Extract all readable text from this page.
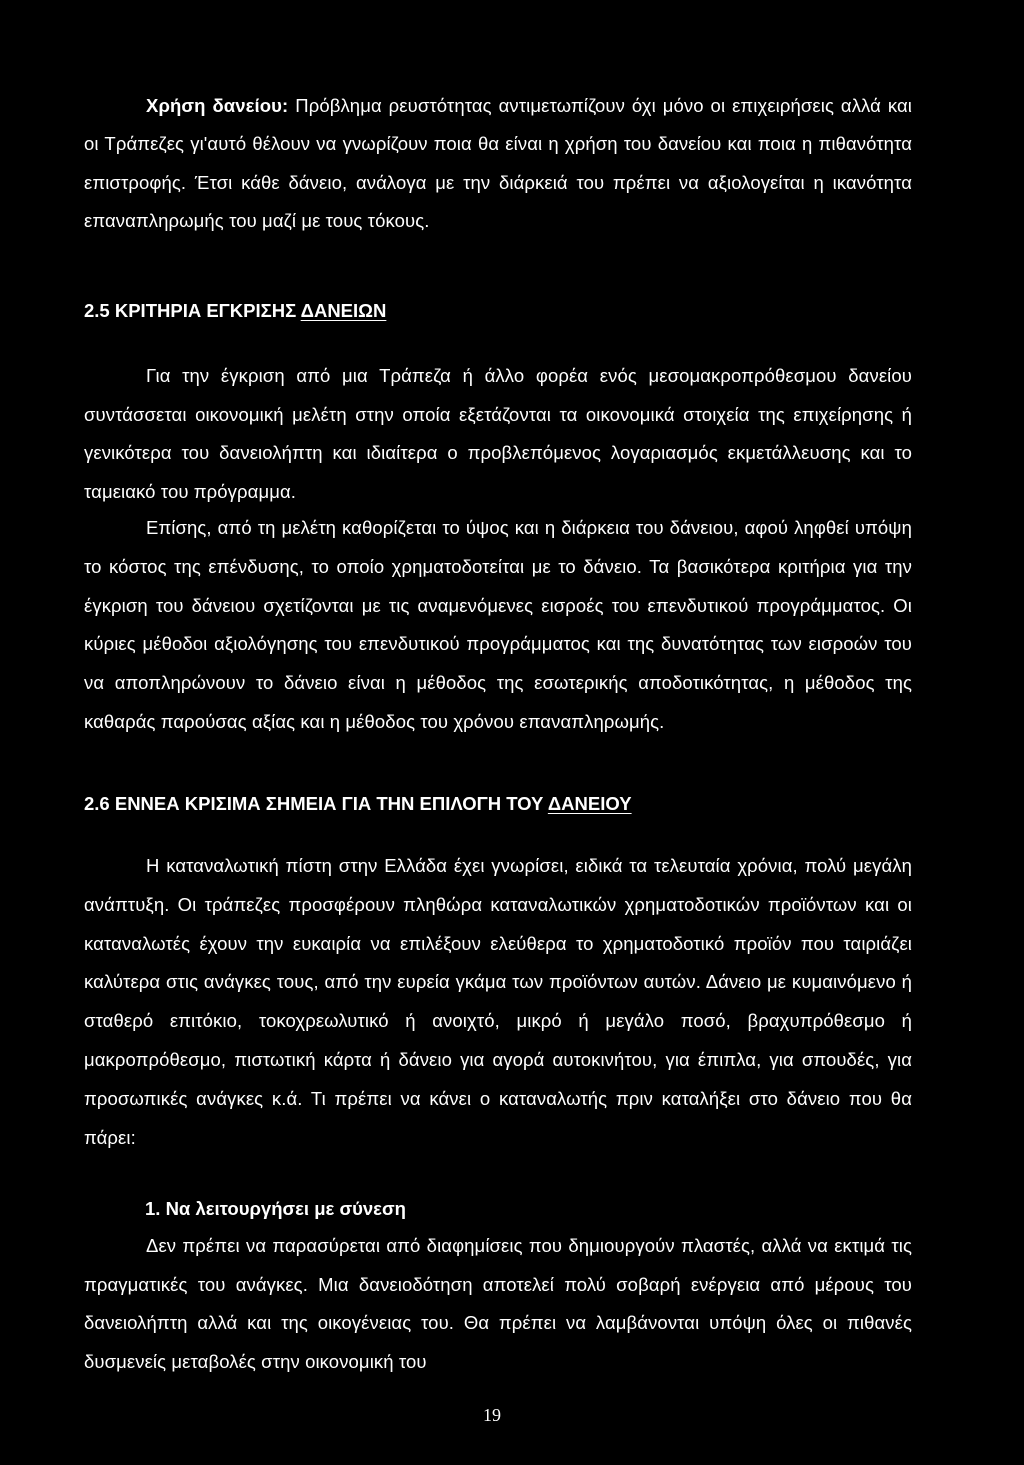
Χρήση δανείου: Πρόβλημα ρευστότητας αντιμετωπίζουν όχι μόνο οι επιχειρήσεις αλλά και οι Τράπεζες γι'αυτό θέλουν να γνωρίζουν ποια θα είναι η χρήση του δανείου και ποια η πιθανότητα επιστροφής. Έτσι κάθε δάνειο, ανάλογα με την διάρκειά του πρέπει να αξιολογείται η ικανότητα επαναπληρωμής του μαζί με τους τόκους.

2.5 ΚΡΙΤΗΡΙΑ ΕΓΚΡΙΣΗΣ ΔΑΝΕΙΩΝ

Για την έγκριση από μια Τράπεζα ή άλλο φορέα ενός μεσομακροπρόθεσμου δανείου συντάσσεται οικονομική μελέτη στην οποία εξετάζονται τα οικονομικά στοιχεία της επιχείρησης ή γενικότερα του δανειολήπτη και ιδιαίτερα ο προβλεπόμενος λογαριασμός εκμετάλλευσης και το ταμειακό του πρόγραμμα.

Επίσης, από τη μελέτη καθορίζεται το ύψος και η διάρκεια του δάνειου, αφού ληφθεί υπόψη το κόστος της επένδυσης, το οποίο χρηματοδοτείται με το δάνειο. Τα βασικότερα κριτήρια για την έγκριση του δάνειου σχετίζονται με τις αναμενόμενες εισροές του επενδυτικού προγράμματος. Οι κύριες μέθοδοι αξιολόγησης του επενδυτικού προγράμματος και της δυνατότητας των εισροών του να αποπληρώνουν το δάνειο είναι η μέθοδος της εσωτερικής αποδοτικότητας, η μέθοδος της καθαράς παρούσας αξίας και η μέθοδος του χρόνου επαναπληρωμής.

2.6 ΕΝΝΕΑ ΚΡΙΣΙΜΑ ΣΗΜΕΙΑ ΓΙΑ ΤΗΝ ΕΠΙΛΟΓΗ ΤΟΥ ΔΑΝΕΙΟΥ

Η καταναλωτική πίστη στην Ελλάδα έχει γνωρίσει, ειδικά τα τελευταία χρόνια, πολύ μεγάλη ανάπτυξη. Οι τράπεζες προσφέρουν πληθώρα καταναλωτικών χρηματοδοτικών προϊόντων και οι καταναλωτές έχουν την ευκαιρία να επιλέξουν ελεύθερα το χρηματοδοτικό προϊόν που ταιριάζει καλύτερα στις ανάγκες τους, από την ευρεία γκάμα των προϊόντων αυτών. Δάνειο με κυμαινόμενο ή σταθερό επιτόκιο, τοκοχρεωλυτικό ή ανοιχτό, μικρό ή μεγάλο ποσό, βραχυπρόθεσμο ή μακροπρόθεσμο, πιστωτική κάρτα ή δάνειο για αγορά αυτοκινήτου, για έπιπλα, για σπουδές, για προσωπικές ανάγκες κ.ά. Τι πρέπει να κάνει ο καταναλωτής πριν καταλήξει στο δάνειο που θα πάρει:

1. Να λειτουργήσει με σύνεση

Δεν πρέπει να παρασύρεται από διαφημίσεις που δημιουργούν πλαστές, αλλά να εκτιμά τις πραγματικές του ανάγκες. Μια δανειοδότηση αποτελεί πολύ σοβαρή ενέργεια από μέρους του δανειολήπτη αλλά και της οικογένειας του. Θα πρέπει να λαμβάνονται υπόψη όλες οι πιθανές δυσμενείς μεταβολές στην οικονομική του

19
